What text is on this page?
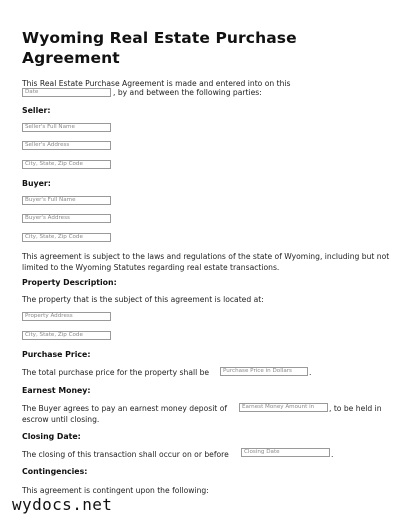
Wyoming Real Estate Purchase Agreement

This Real Estate Purchase Agreement is made and entered into on this

Date	, by and between the following parties:

Seller:

Seller's Full Name
Seller's Address
City, State, Zip Code

Buyer:

Buyer's Full Name
Buyer's Address
City, State, Zip Code

This agreement is subject to the laws and regulations of the state of Wyoming, including but not limited to the Wyoming Statutes regarding real estate transactions.

Property Description:

The property that is the subject of this agreement is located at:

Property Address
City, State, Zip Code

Purchase Price:

The total purchase price for the property shall be	Purchase Price in Dollars	.

Earnest Money:

The Buyer agrees to pay an earnest money deposit of	Earnest Money Amount in	, to be held in

escrow until closing.

Closing Date:

The closing of this transaction shall occur on or before	Closing Date	.

Contingencies:

This agreement is contingent upon the following:

wydocs.net
